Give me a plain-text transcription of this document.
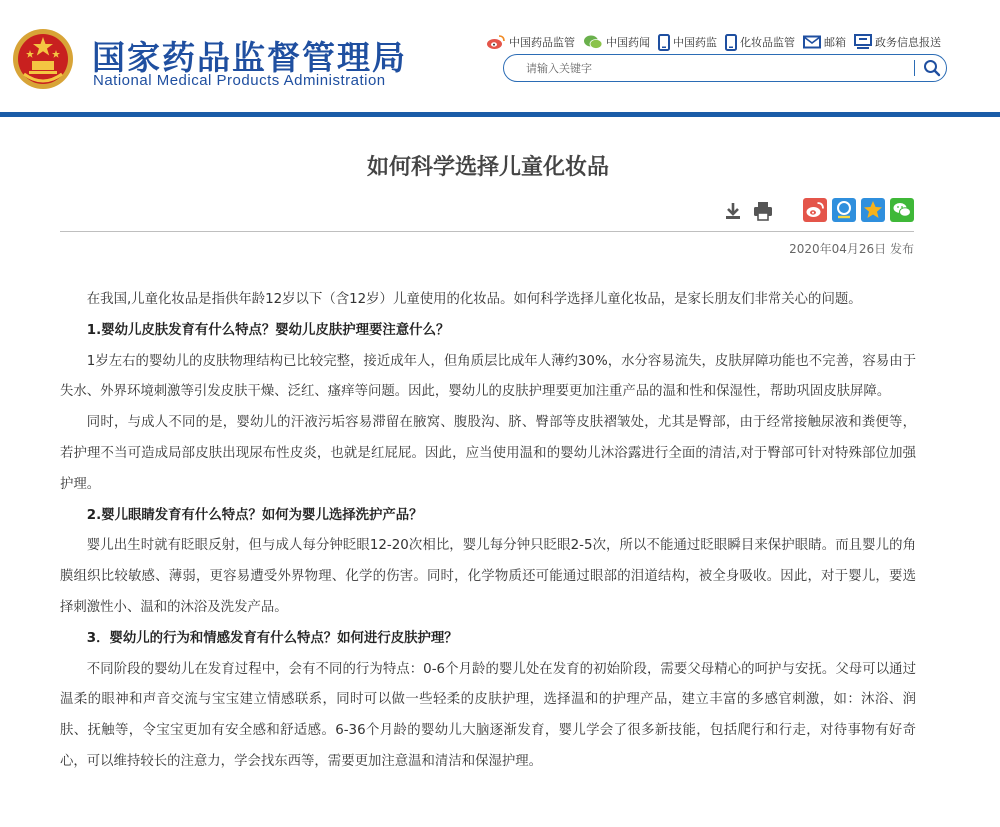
国家药品监督管理局
National Medical Products Administration
中国药品监管	中国药闻 中国药监 化妆品监管	邮箱	政务信息报送
请输入关键字
如何科学选择儿童化妆品
2020年04月26日 发布

在我国,儿童化妆品是指供年龄12岁以下（含12岁）儿童使用的化妆品。如何科学选择儿童化妆品，是家长朋友们非常关心的问题。

1.婴幼儿皮肤发育有什么特点？婴幼儿皮肤护理要注意什么？

1岁左右的婴幼儿的皮肤物理结构已比较完整，接近成年人，但角质层比成年人薄约30%，水分容易流失，皮肤屏障功能也不完善，容易由于失水、外界环境刺激等引发皮肤干燥、泛红、瘙痒等问题。因此，婴幼儿的皮肤护理要更加注重产品的温和性和保湿性，帮助巩固皮肤屏障。

同时，与成人不同的是，婴幼儿的汗液污垢容易滞留在腋窝、腹股沟、脐、臀部等皮肤褶皱处，尤其是臀部，由于经常接触尿液和粪便等，若护理不当可造成局部皮肤出现尿布性皮炎，也就是红屁屁。因此，应当使用温和的婴幼儿沐浴露进行全面的清洁,对于臀部可针对特殊部位加强护理。

2.婴儿眼睛发育有什么特点？如何为婴儿选择洗护产品？

婴儿出生时就有眨眼反射，但与成人每分钟眨眼12-20次相比，婴儿每分钟只眨眼2-5次，所以不能通过眨眼瞬目来保护眼睛。而且婴儿的角膜组织比较敏感、薄弱，更容易遭受外界物理、化学的伤害。同时，化学物质还可能通过眼部的泪道结构，被全身吸收。因此，对于婴儿，要选择刺激性小、温和的沐浴及洗发产品。

3．婴幼儿的行为和情感发育有什么特点？如何进行皮肤护理？

不同阶段的婴幼儿在发育过程中，会有不同的行为特点：0-6个月龄的婴儿处在发育的初始阶段，需要父母精心的呵护与安抚。父母可以通过温柔的眼神和声音交流与宝宝建立情感联系，同时可以做一些轻柔的皮肤护理，选择温和的护理产品，建立丰富的多感官刺激，如：沐浴、润肤、抚触等，令宝宝更加有安全感和舒适感。6-36个月龄的婴幼儿大脑逐渐发育，婴儿学会了很多新技能，包括爬行和行走，对待事物有好奇心，可以维持较长的注意力，学会找东西等，需要更加注意温和清洁和保湿护理。
